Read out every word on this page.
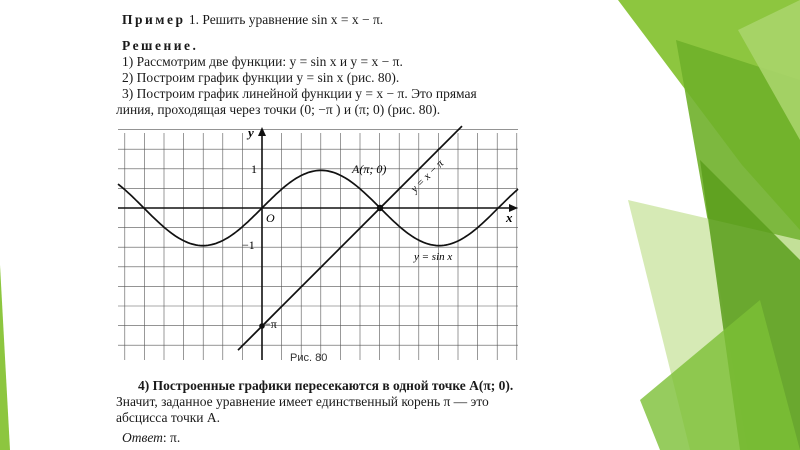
Пример 1. Решить уравнение sin x = x − π.
Решение.
1) Рассмотрим две функции: y = sin x и y = x − π.
2) Построим график функции y = sin x (рис. 80).
3) Построим график линейной функции y = x − π. Это прямая
линия, проходящая через точки (0; −π ) и (π; 0) (рис. 80).
x
y
O
1
−1
−π
A(π; 0) y = x − π
y = sin x
Рис. 80
4) Построенные графики пересекаются в одной точке A(π; 0).
Значит, заданное уравнение имеет единственный корень π — это
абсцисса точки A.
Ответ: π.
